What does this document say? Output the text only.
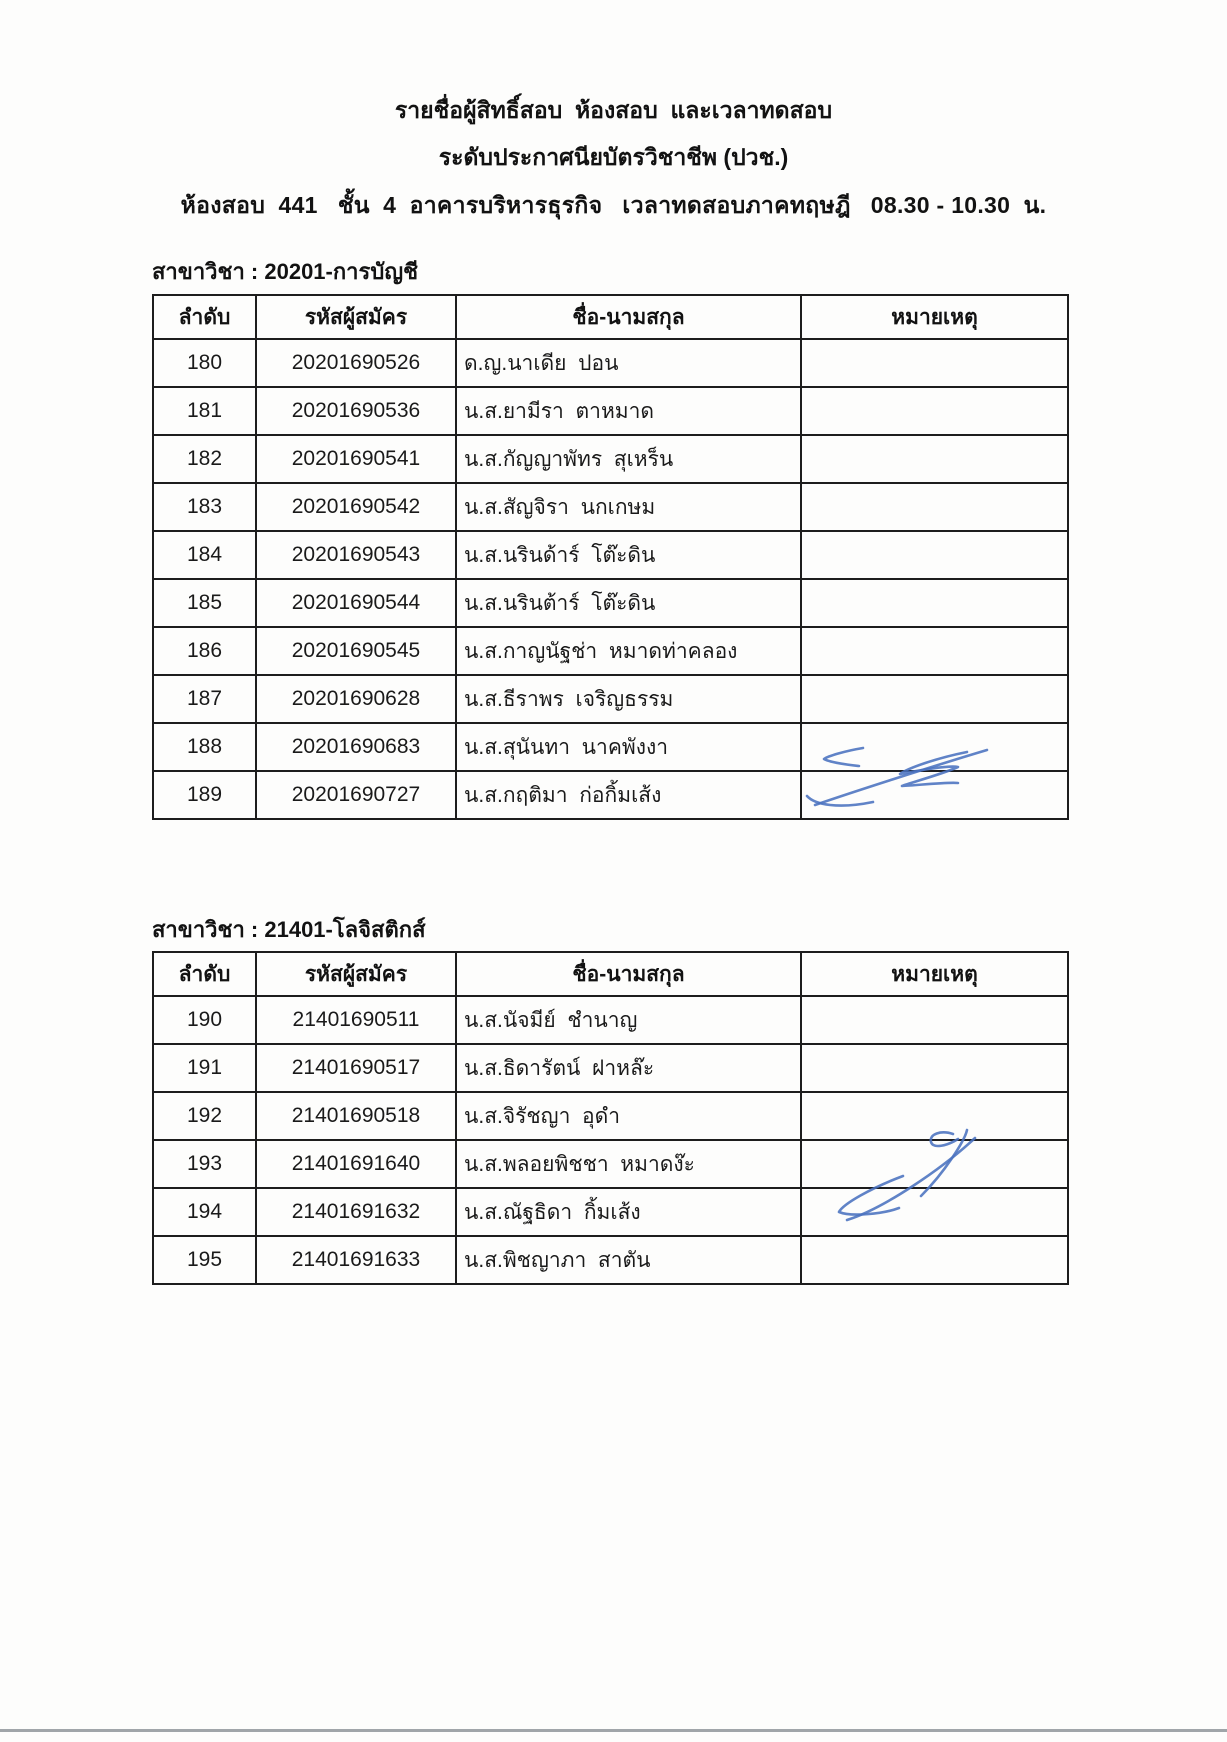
รายชื่อผู้สิทธิ์สอบ  ห้องสอบ  และเวลาทดสอบ
ระดับประกาศนียบัตรวิชาชีพ (ปวช.)
ห้องสอบ  441   ชั้น  4  อาคารบริหารธุรกิจ   เวลาทดสอบภาคทฤษฎี   08.30 - 10.30  น.
สาขาวิชา : 20201-การบัญชี
ลำดับ	รหัสผู้สมัคร	ชื่อ-นามสกุล	หมายเหตุ
180	20201690526	ด.ญ.นาเดีย  ปอน	
181	20201690536	น.ส.ยามีรา  ตาหมาด	
182	20201690541	น.ส.กัญญาพัทร  สุเหร็น	
183	20201690542	น.ส.สัญจิรา  นกเกษม	
184	20201690543	น.ส.นรินด้าร์  โต๊ะดิน	
185	20201690544	น.ส.นรินต้าร์  โต๊ะดิน	
186	20201690545	น.ส.กาญนัฐช่า  หมาดท่าคลอง	
187	20201690628	น.ส.ธีราพร  เจริญธรรม	
188	20201690683	น.ส.สุนันทา  นาคพังงา	
189	20201690727	น.ส.กฤติมา  ก่อกิ้มเส้ง	
สาขาวิชา : 21401-โลจิสติกส์
ลำดับ	รหัสผู้สมัคร	ชื่อ-นามสกุล	หมายเหตุ
190	21401690511	น.ส.นัจมีย์  ชำนาญ	
191	21401690517	น.ส.ธิดารัตน์  ฝาหล๊ะ	
192	21401690518	น.ส.จิรัชญา  อุดำ	
193	21401691640	น.ส.พลอยพิชชา  หมาดง๊ะ	
194	21401691632	น.ส.ณัฐธิดา  กิ้มเส้ง	
195	21401691633	น.ส.พิชญาภา  สาตัน	
